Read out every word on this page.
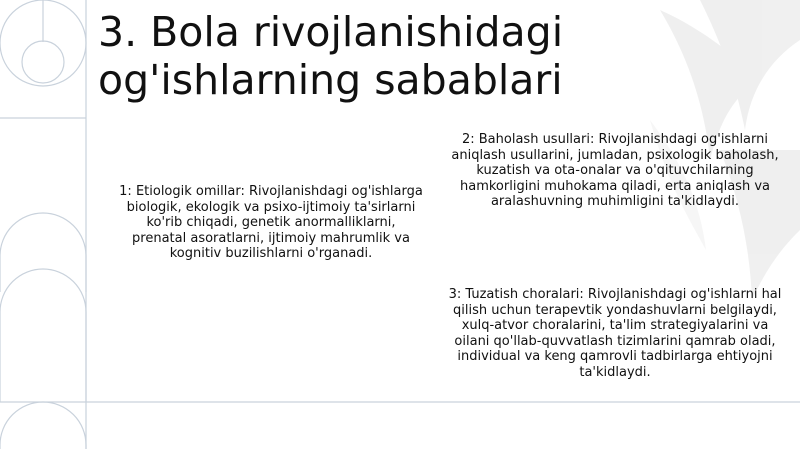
3. Bola rivojlanishidagi og'ishlarning sabablari

1: Etiologik omillar: Rivojlanishdagi og'ishlarga biologik, ekologik va psixo-ijtimoiy ta'sirlarni ko'rib chiqadi, genetik anormalliklarni, prenatal asoratlarni, ijtimoiy mahrumlik va kognitiv buzilishlarni o'rganadi.

2: Baholash usullari: Rivojlanishdagi og'ishlarni aniqlash usullarini, jumladan, psixologik baholash, kuzatish va ota-onalar va o'qituvchilarning hamkorligini muhokama qiladi, erta aniqlash va aralashuvning muhimligini ta'kidlaydi.

3: Tuzatish choralari: Rivojlanishdagi og'ishlarni hal qilish uchun terapevtik yondashuvlarni belgilaydi, xulq-atvor choralarini, ta'lim strategiyalarini va oilani qo'llab-quvvatlash tizimlarini qamrab oladi, individual va keng qamrovli tadbirlarga ehtiyojni ta'kidlaydi.
